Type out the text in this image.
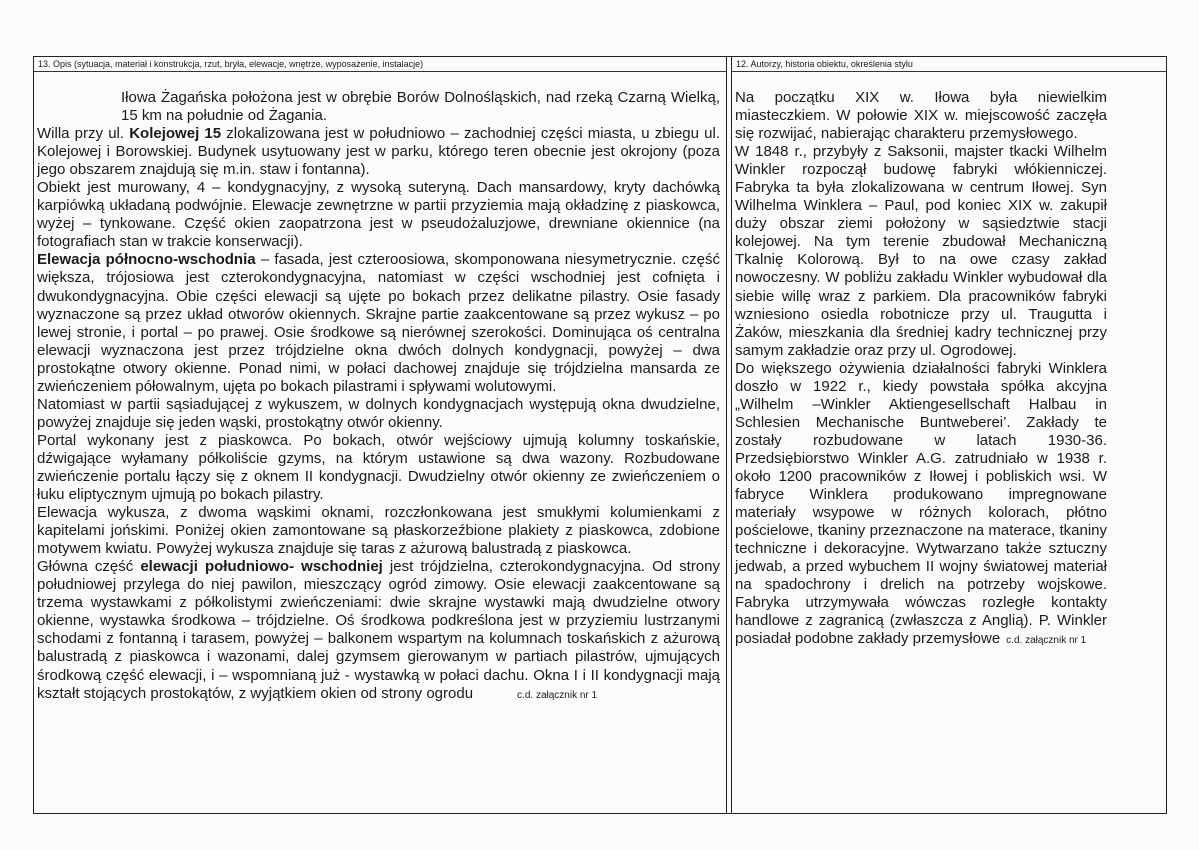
13. Opis (sytuacja, materiał i konstrukcja, rzut, bryła, elewacje, wnętrze, wyposażenie, instalacje)	12. Autorzy, historia obiektu, określenia stylu

Iłowa Żagańska położona jest w obrębie Borów Dolnośląskich, nad rzeką Czarną Wielką, 15 km na południe od Żagania.

Willa przy ul. Kolejowej 15 zlokalizowana jest w południowo – zachodniej części miasta, u zbiegu ul. Kolejowej i Borowskiej. Budynek usytuowany jest w parku, którego teren obecnie jest okrojony (poza jego obszarem znajdują się m.in. staw i fontanna).

Obiekt jest murowany, 4 – kondygnacyjny, z wysoką suteryną. Dach mansardowy, kryty dachówką karpiówką układaną podwójnie. Elewacje zewnętrzne w partii przyziemia mają okładzinę z piaskowca, wyżej – tynkowane. Część okien zaopatrzona jest w pseudożaluzjowe, drewniane okiennice (na fotografiach stan w trakcie konserwacji).

Elewacja północno-wschodnia – fasada, jest czteroosiowa, skomponowana niesymetrycznie. część większa, trójosiowa jest czterokondygnacyjna, natomiast w części wschodniej jest cofnięta i dwukondygnacyjna. Obie części elewacji są ujęte po bokach przez delikatne pilastry. Osie fasady wyznaczone są przez układ otworów okiennych. Skrajne partie zaakcentowane są przez wykusz – po lewej stronie, i portal – po prawej. Osie środkowe są nierównej szerokości. Dominująca oś centralna elewacji wyznaczona jest przez trójdzielne okna dwóch dolnych kondygnacji, powyżej – dwa prostokątne otwory okienne. Ponad nimi, w połaci dachowej znajduje się trójdzielna mansarda ze zwieńczeniem półowalnym, ujęta po bokach pilastrami i spływami wolutowymi.

Natomiast w partii sąsiadującej z wykuszem, w dolnych kondygnacjach występują okna dwudzielne, powyżej znajduje się jeden wąski, prostokątny otwór okienny.

Portal wykonany jest z piaskowca. Po bokach, otwór wejściowy ujmują kolumny toskańskie, dźwigające wyłamany półkoliście gzyms, na którym ustawione są dwa wazony. Rozbudowane zwieńczenie portalu łączy się z oknem II kondygnacji. Dwudzielny otwór okienny ze zwieńczeniem o łuku eliptycznym ujmują po bokach pilastry.

Elewacja wykusza, z dwoma wąskimi oknami, rozczłonkowana jest smukłymi kolumienkami z kapitelami jońskimi. Poniżej okien zamontowane są płaskorzeźbione plakiety z piaskowca, zdobione motywem kwiatu. Powyżej wykusza znajduje się taras z ażurową balustradą z piaskowca.

Główna część elewacji południowo- wschodniej jest trójdzielna, czterokondygnacyjna. Od strony południowej przylega do niej pawilon, mieszczący ogród zimowy. Osie elewacji zaakcentowane są trzema wystawkami z półkolistymi zwieńczeniami: dwie skrajne wystawki mają dwudzielne otwory okienne, wystawka środkowa – trójdzielne. Oś środkowa podkreślona jest w przyziemiu lustrzanymi schodami z fontanną i tarasem, powyżej – balkonem wspartym na kolumnach toskańskich z ażurową balustradą z piaskowca i wazonami, dalej gzymsem gierowanym w partiach pilastrów, ujmujących środkową część elewacji, i – wspomnianą już - wystawką w połaci dachu. Okna I i II kondygnacji mają kształt stojących prostokątów, z wyjątkiem okien od strony ogrodu	c.d. załącznik nr 1

Na początku XIX w. Iłowa była niewielkim miasteczkiem. W połowie XIX w. miejscowość zaczęła się rozwijać, nabierając charakteru przemysłowego.

W 1848 r., przybyły z Saksonii, majster tkacki Wilhelm Winkler rozpoczął budowę fabryki włókienniczej. Fabryka ta była zlokalizowana w centrum Iłowej. Syn Wilhelma Winklera – Paul, pod koniec XIX w. zakupił duży obszar ziemi położony w sąsiedztwie stacji kolejowej. Na tym terenie zbudował Mechaniczną Tkalnię Kolorową. Był to na owe czasy zakład nowoczesny. W pobliżu zakładu Winkler wybudował dla siebie willę wraz z parkiem. Dla pracowników fabryki wzniesiono osiedla robotnicze przy ul. Traugutta i Żaków, mieszkania dla średniej kadry technicznej przy samym zakładzie oraz przy ul. Ogrodowej.

Do większego ożywienia działalności fabryki Winklera doszło w 1922 r., kiedy powstała spółka akcyjna „Wilhelm –Winkler Aktiengesellschaft Halbau in Schlesien Mechanische Buntweberei’. Zakłady te zostały rozbudowane w latach 1930-36. Przedsiębiorstwo Winkler A.G. zatrudniało w 1938 r. około 1200 pracowników z Iłowej i pobliskich wsi. W fabryce Winklera produkowano impregnowane materiały wsypowe w różnych kolorach, płótno pościelowe, tkaniny przeznaczone na materace, tkaniny techniczne i dekoracyjne. Wytwarzano także sztuczny jedwab, a przed wybuchem II wojny światowej materiał na spadochrony i drelich na potrzeby wojskowe. Fabryka utrzymywała wówczas rozległe kontakty handlowe z zagranicą (zwłaszcza z Anglią). P. Winkler posiadał podobne zakłady przemysłowe c.d. załącznik nr 1
